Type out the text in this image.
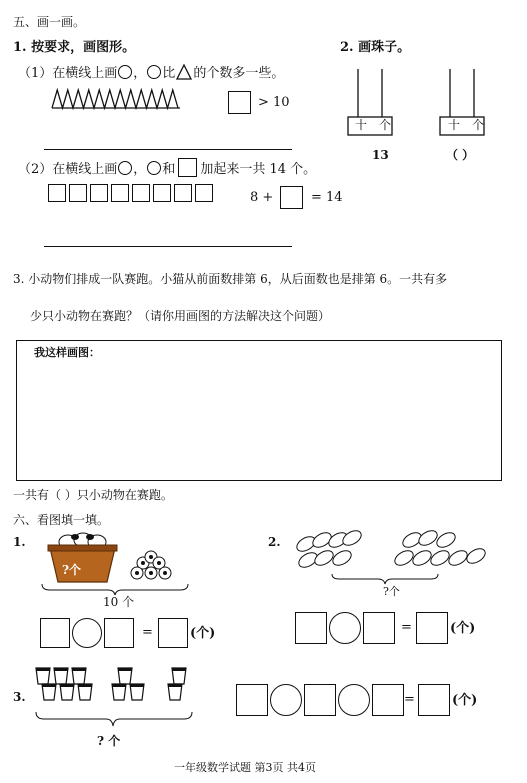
五、画一画。
1. 按要求，画图形。	2. 画珠子。
（1）在横线上画 ， 比 的个数多一些。
> 10
十 个
13
十 个
（ ）
（2）在横线上画 ， 和 加起来一共 14 个。
8 +	= 14
3. 小动物们排成一队赛跑。小猫从前面数排第 6，从后面数也是排第 6。一共有多
少只小动物在赛跑？（请你用画图的方法解决这个问题）
我这样画图：
一共有（ ）只小动物在赛跑。
六、看图填一填。
1.
?个
10 个
=	(个)
2.
?个
=	(个)
3.
? 个
=	(个)
一年级数学试题 第3页 共4页
